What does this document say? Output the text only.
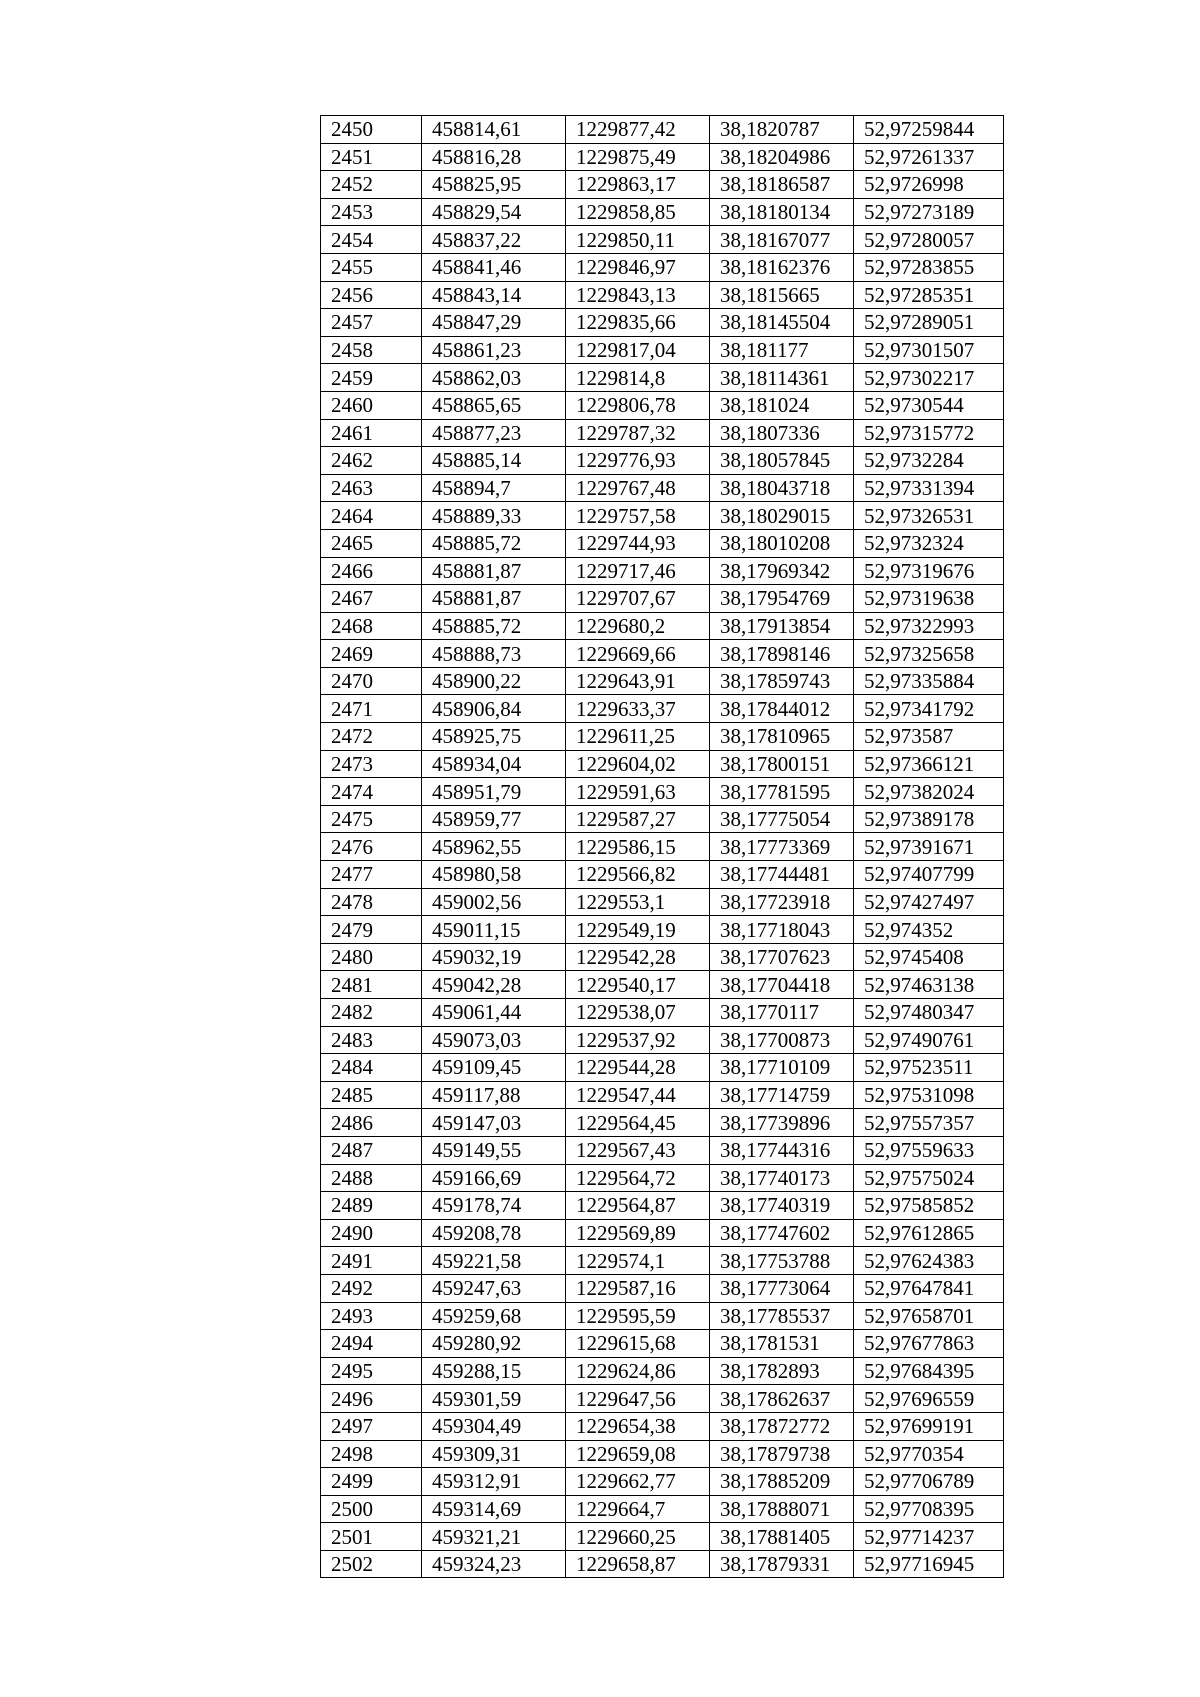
2450	458814,61	1229877,42	38,1820787	52,97259844
2451	458816,28	1229875,49	38,18204986	52,97261337
2452	458825,95	1229863,17	38,18186587	52,9726998
2453	458829,54	1229858,85	38,18180134	52,97273189
2454	458837,22	1229850,11	38,18167077	52,97280057
2455	458841,46	1229846,97	38,18162376	52,97283855
2456	458843,14	1229843,13	38,1815665	52,97285351
2457	458847,29	1229835,66	38,18145504	52,97289051
2458	458861,23	1229817,04	38,181177	52,97301507
2459	458862,03	1229814,8	38,18114361	52,97302217
2460	458865,65	1229806,78	38,181024	52,9730544
2461	458877,23	1229787,32	38,1807336	52,97315772
2462	458885,14	1229776,93	38,18057845	52,9732284
2463	458894,7	1229767,48	38,18043718	52,97331394
2464	458889,33	1229757,58	38,18029015	52,97326531
2465	458885,72	1229744,93	38,18010208	52,9732324
2466	458881,87	1229717,46	38,17969342	52,97319676
2467	458881,87	1229707,67	38,17954769	52,97319638
2468	458885,72	1229680,2	38,17913854	52,97322993
2469	458888,73	1229669,66	38,17898146	52,97325658
2470	458900,22	1229643,91	38,17859743	52,97335884
2471	458906,84	1229633,37	38,17844012	52,97341792
2472	458925,75	1229611,25	38,17810965	52,973587
2473	458934,04	1229604,02	38,17800151	52,97366121
2474	458951,79	1229591,63	38,17781595	52,97382024
2475	458959,77	1229587,27	38,17775054	52,97389178
2476	458962,55	1229586,15	38,17773369	52,97391671
2477	458980,58	1229566,82	38,17744481	52,97407799
2478	459002,56	1229553,1	38,17723918	52,97427497
2479	459011,15	1229549,19	38,17718043	52,974352
2480	459032,19	1229542,28	38,17707623	52,9745408
2481	459042,28	1229540,17	38,17704418	52,97463138
2482	459061,44	1229538,07	38,1770117	52,97480347
2483	459073,03	1229537,92	38,17700873	52,97490761
2484	459109,45	1229544,28	38,17710109	52,97523511
2485	459117,88	1229547,44	38,17714759	52,97531098
2486	459147,03	1229564,45	38,17739896	52,97557357
2487	459149,55	1229567,43	38,17744316	52,97559633
2488	459166,69	1229564,72	38,17740173	52,97575024
2489	459178,74	1229564,87	38,17740319	52,97585852
2490	459208,78	1229569,89	38,17747602	52,97612865
2491	459221,58	1229574,1	38,17753788	52,97624383
2492	459247,63	1229587,16	38,17773064	52,97647841
2493	459259,68	1229595,59	38,17785537	52,97658701
2494	459280,92	1229615,68	38,1781531	52,97677863
2495	459288,15	1229624,86	38,1782893	52,97684395
2496	459301,59	1229647,56	38,17862637	52,97696559
2497	459304,49	1229654,38	38,17872772	52,97699191
2498	459309,31	1229659,08	38,17879738	52,9770354
2499	459312,91	1229662,77	38,17885209	52,97706789
2500	459314,69	1229664,7	38,17888071	52,97708395
2501	459321,21	1229660,25	38,17881405	52,97714237
2502	459324,23	1229658,87	38,17879331	52,97716945
